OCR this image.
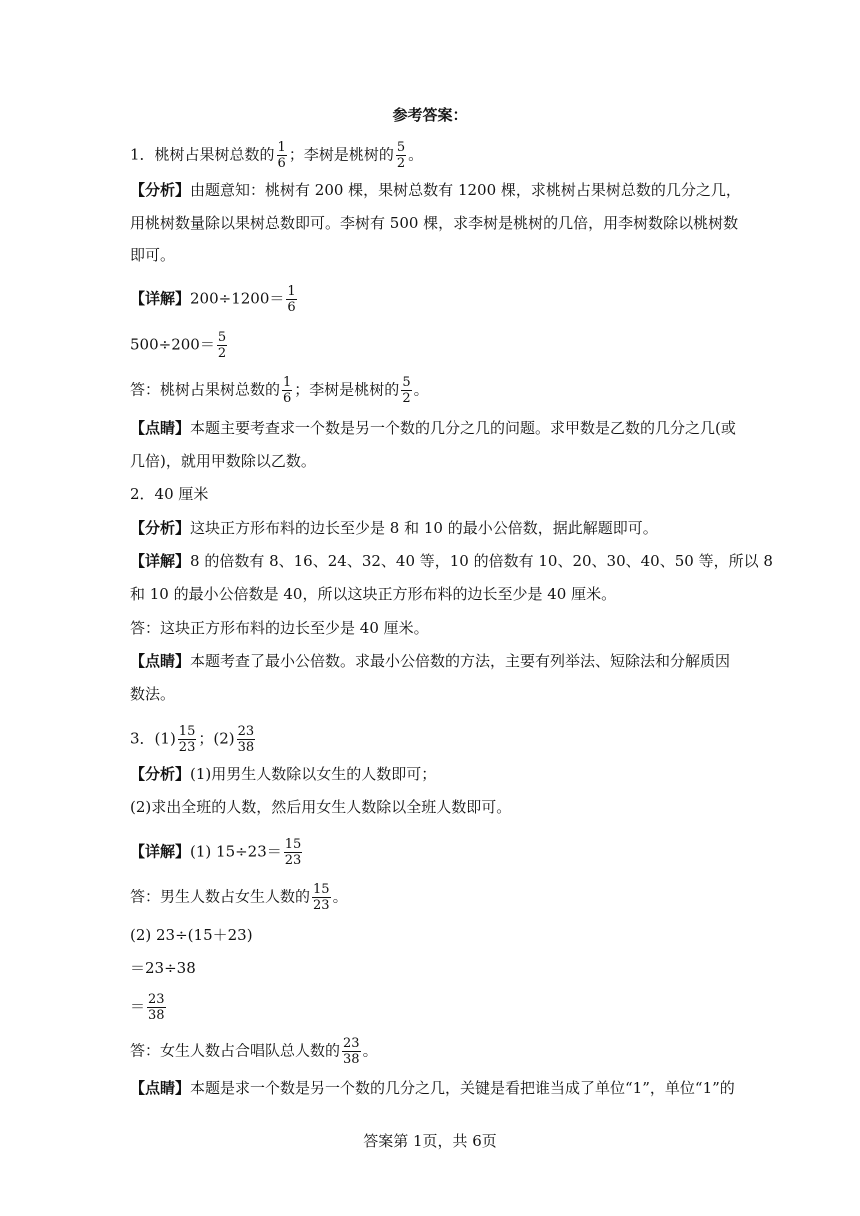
参考答案：
1．桃树占果树总数的 $\frac{1}{6}$ ；李树是桃树的 $\frac{5}{2}$ 。
【分析】由题意知：桃树有 200 棵，果树总数有 1200 棵，求桃树占果树总数的几分之几，
用桃树数量除以果树总数即可。李树有 500 棵，求李树是桃树的几倍，用李树数除以桃树数
即可。
【详解】$200\div 1200= \frac{1}{6}$
$500\div 200= \frac{5}{2}$
答：桃树占果树总数的 $\frac{1}{6}$ ；李树是桃树的 $\frac{5}{2}$ 。
【点睛】本题主要考查求一个数是另一个数的几分之几的问题。求甲数是乙数的几分之几(或
几倍)，就用甲数除以乙数。
2．40 厘米
【分析】这块正方形布料的边长至少是 8 和 10 的最小公倍数，据此解题即可。
【详解】8 的倍数有 8、16、24、32、40 等，10 的倍数有 10、20、30、40、50 等，所以 8
和 10 的最小公倍数是 40，所以这块正方形布料的边长至少是 40 厘米。
答：这块正方形布料的边长至少是 40 厘米。
【点睛】本题考查了最小公倍数。求最小公倍数的方法，主要有列举法、短除法和分解质因
数法。
3．$(1) \frac{15}{23}$ ；$(2) \frac{23}{38}$
【分析】(1)用男生人数除以女生的人数即可；
(2)求出全班的人数，然后用女生人数除以全班人数即可。
【详解】(1) $15\div 23= \frac{15}{23}$
答：男生人数占女生人数的 $\frac{15}{23}$ 。
(2) 23÷(15＋23)
＝23÷38
＝ $\frac{23}{38}$
答：女生人数占合唱队总人数的 $\frac{23}{38}$ 。
【点睛】本题是求一个数是另一个数的几分之几，关键是看把谁当成了单位“1”，单位“1”的
答案第 1页，共 6页
